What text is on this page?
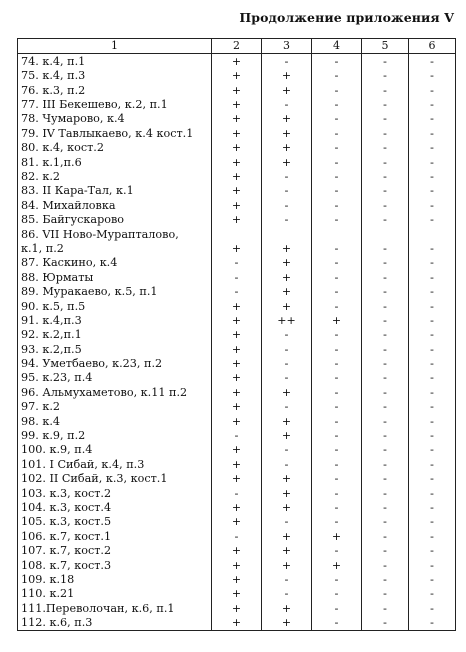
Продолжение приложения V
1	2	3	4	5	6
74. к.4, п.1	+	-	-	-	-
75. к.4, п.3	+	+	-	-	-
76. к.3, п.2	+	+	-	-	-
77. III Бекешево, к.2, п.1	+	-	-	-	-
78. Чумарово, к.4	+	+	-	-	-
79. IV Тавлыкаево, к.4 кост.1	+	+	-	-	-
80. к.4, кост.2	+	+	-	-	-
81. к.1,п.6	+	+	-	-	-
82. к.2	+	-	-	-	-
83. II Кара-Тал, к.1	+	-	-	-	-
84. Михайловка	+	-	-	-	-
85. Байгускарово	+	-	-	-	-
86. VII Ново-Мурапталово,					
к.1, п.2	+	+	-	-	-
87. Каскино, к.4	-	+	-	-	-
88. Юрматы	-	+	-	-	-
89. Муракаево, к.5, п.1	-	+	-	-	-
90. к.5, п.5	+	+	-	-	-
91. к.4,п.3	+	++	+	-	-
92. к.2,п.1	+	-	-	-	-
93. к.2,п.5	+	-	-	-	-
94. Уметбаево, к.23, п.2	+	-	-	-	-
95. к.23, п.4	+	-	-	-	-
96. Альмухаметово, к.11 п.2	+	+	-	-	-
97. к.2	+	-	-	-	-
98. к.4	+	+	-	-	-
99. к.9, п.2	-	+	-	-	-
100. к.9, п.4	+	-	-	-	-
101. I Сибай, к.4, п.3	+	-	-	-	-
102. II Сибай, к.3, кост.1	+	+	-	-	-
103. к.3, кост.2	-	+	-	-	-
104. к.3, кост.4	+	+	-	-	-
105. к.3, кост.5	+	-	-	-	-
106. к.7, кост.1	-	+	+	-	-
107. к.7, кост.2	+	+	-	-	-
108. к.7, кост.3	+	+	+	-	-
109. к.18	+	-	-	-	-
110. к.21	+	-	-	-	-
111.Переволочан, к.6, п.1	+	+	-	-	-
112. к.6, п.3	+	+	-	-	-
